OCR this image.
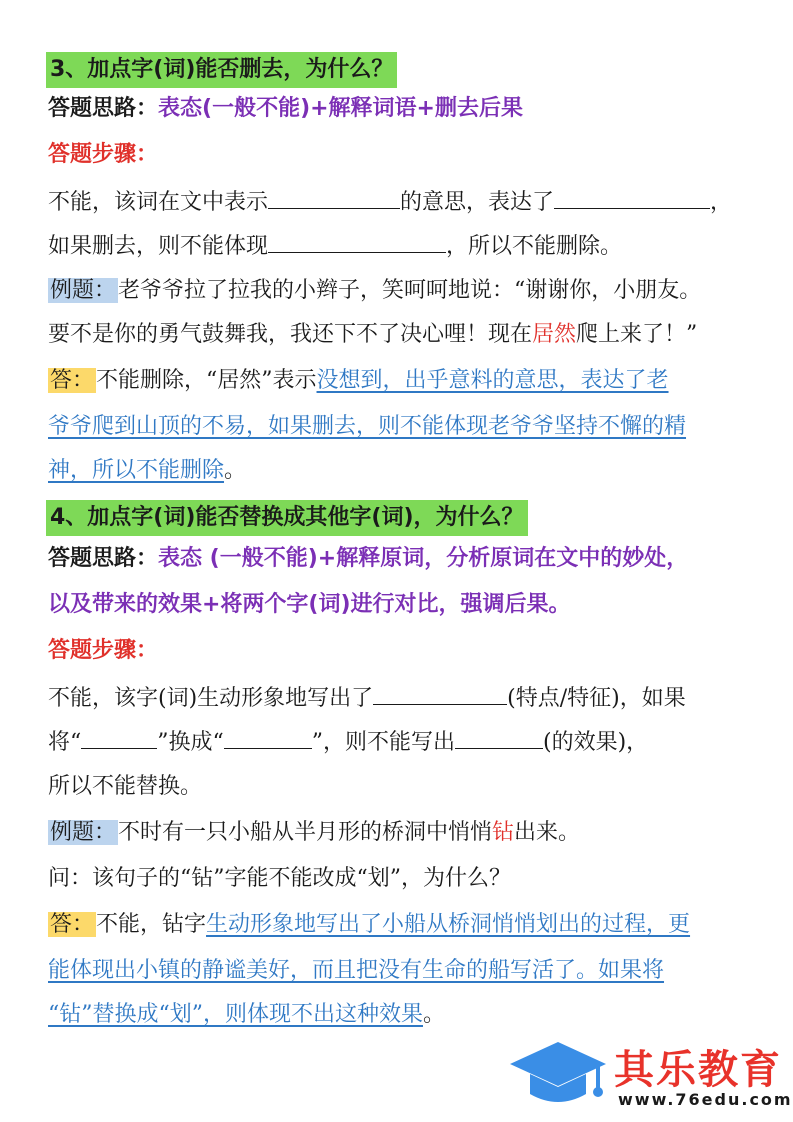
3、加点字(词)能否删去，为什么？
答题思路：表态(一般不能)+解释词语+删去后果
答题步骤：
不能，该词在文中表示	的意思，表达了	，
如果删去，则不能体现	，所以不能删除。
例题：老爷爷拉了拉我的小辫子，笑呵呵地说：“谢谢你，小朋友。
要不是你的勇气鼓舞我，我还下不了决心哩！现在居然爬上来了！”
答：不能删除，“居然”表示没想到，出乎意料的意思，表达了老
爷爷爬到山顶的不易，如果删去，则不能体现老爷爷坚持不懈的精
神，所以不能删除。
4、加点字(词)能否替换成其他字(词)，为什么？
答题思路：表态 (一般不能)+解释原词，分析原词在文中的妙处，
以及带来的效果+将两个字(词)进行对比，强调后果。
答题步骤：
不能，该字(词)生动形象地写出了	(特点/特征)，如果
将“	”换成“	”，则不能写出	(的效果)，
所以不能替换。
例题：不时有一只小船从半月形的桥洞中悄悄钻出来。
问：该句子的“钻”字能不能改成“划”，为什么？
答：不能，钻字生动形象地写出了小船从桥洞悄悄划出的过程，更
能体现出小镇的静谧美好，而且把没有生命的船写活了。如果将
“钻”替换成“划”，则体现不出这种效果。
其乐教育
www.76edu.com
